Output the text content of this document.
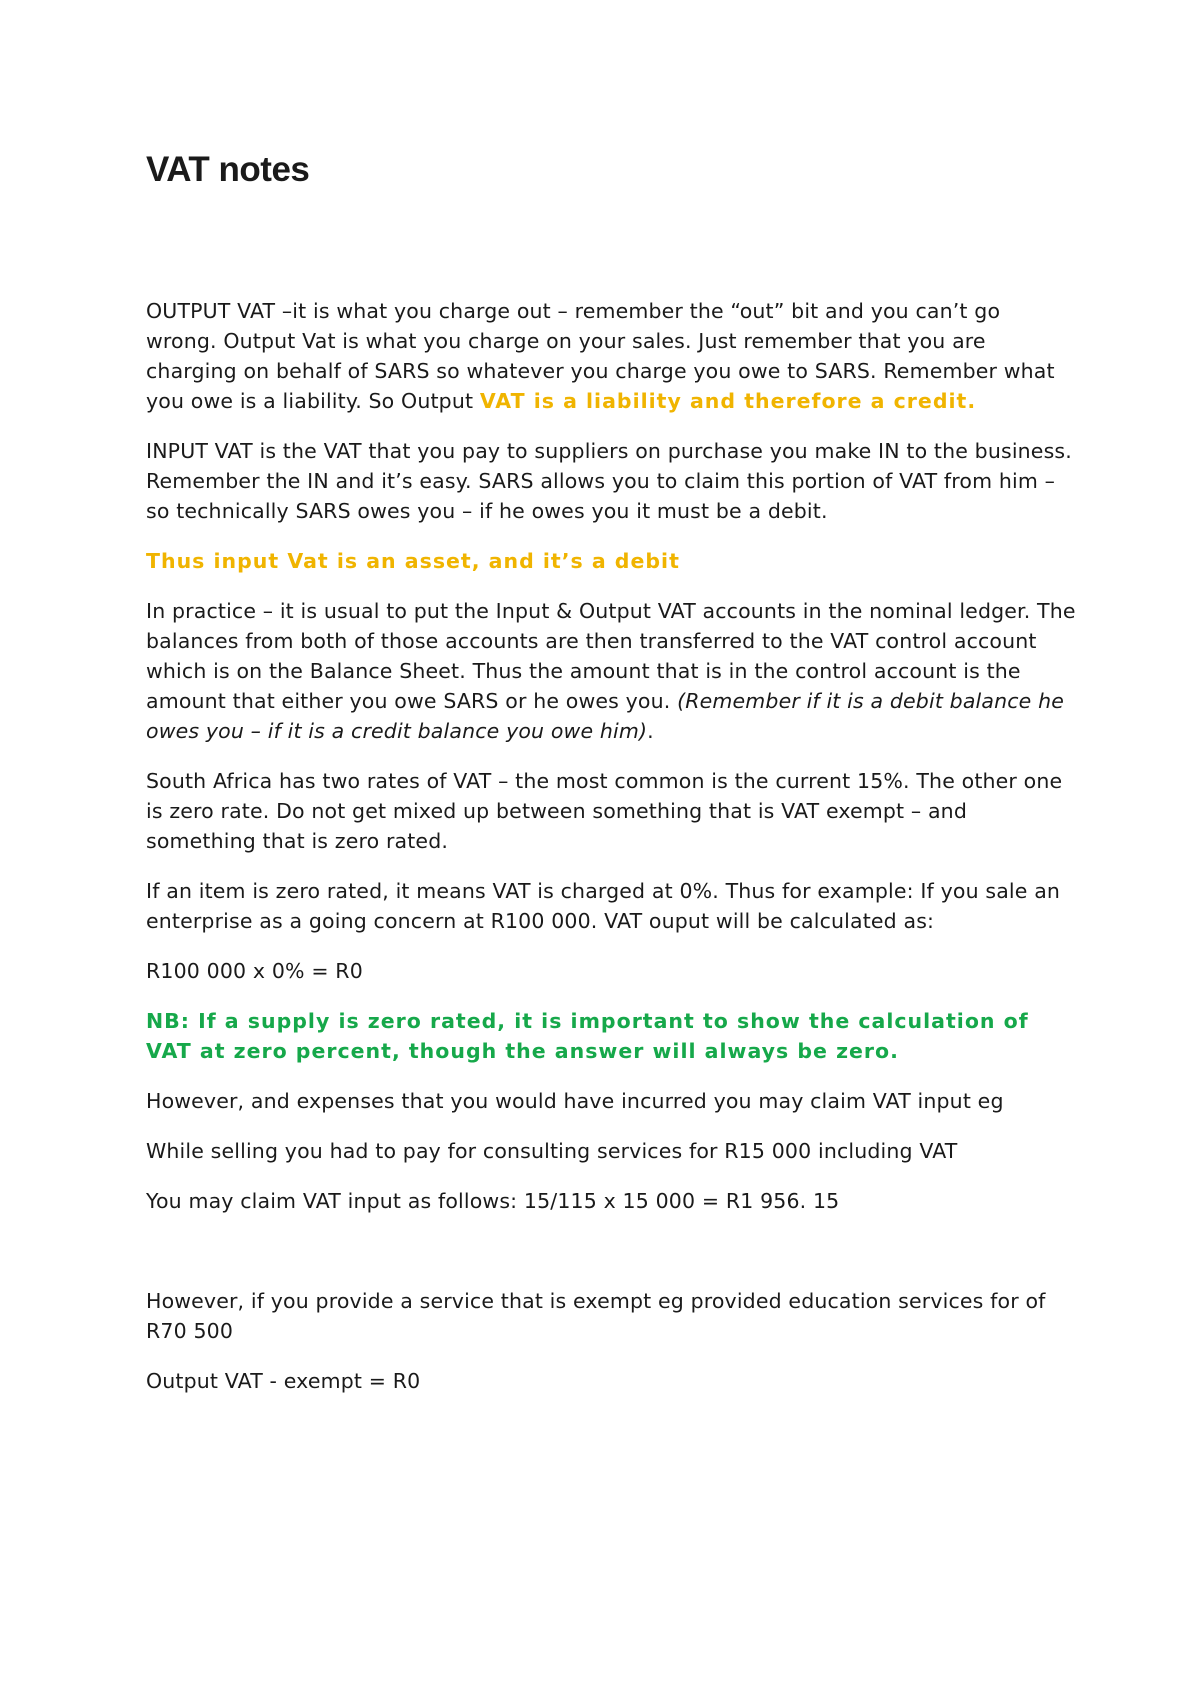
VAT notes

OUTPUT VAT –it is what you charge out – remember the “out” bit and you can’t go wrong. Output Vat is what you charge on your sales. Just remember that you are charging on behalf of SARS so whatever you charge you owe to SARS. Remember what you owe is a liability. So Output VAT is a liability and therefore a credit.

INPUT VAT is the VAT that you pay to suppliers on purchase you make IN to the business. Remember the IN and it’s easy. SARS allows you to claim this portion of VAT from him – so technically SARS owes you – if he owes you it must be a debit.

Thus input Vat is an asset, and it’s a debit

In practice – it is usual to put the Input & Output VAT accounts in the nominal ledger. The balances from both of those accounts are then transferred to the VAT control account which is on the Balance Sheet. Thus the amount that is in the control account is the amount that either you owe SARS or he owes you. (Remember if it is a debit balance he owes you – if it is a credit balance you owe him).

South Africa has two rates of VAT – the most common is the current 15%. The other one is zero rate. Do not get mixed up between something that is VAT exempt – and something that is zero rated.

If an item is zero rated, it means VAT is charged at 0%. Thus for example: If you sale an enterprise as a going concern at R100 000. VAT ouput will be calculated as:

R100 000 x 0% = R0

NB: If a supply is zero rated, it is important to show the calculation of VAT at zero percent, though the answer will always be zero.

However, and expenses that you would have incurred you may claim VAT input eg

While selling you had to pay for consulting services for R15 000 including VAT

You may claim VAT input as follows: 15/115 x 15 000 = R1 956. 15

However, if you provide a service that is exempt eg provided education services for of R70 500

Output VAT - exempt = R0
